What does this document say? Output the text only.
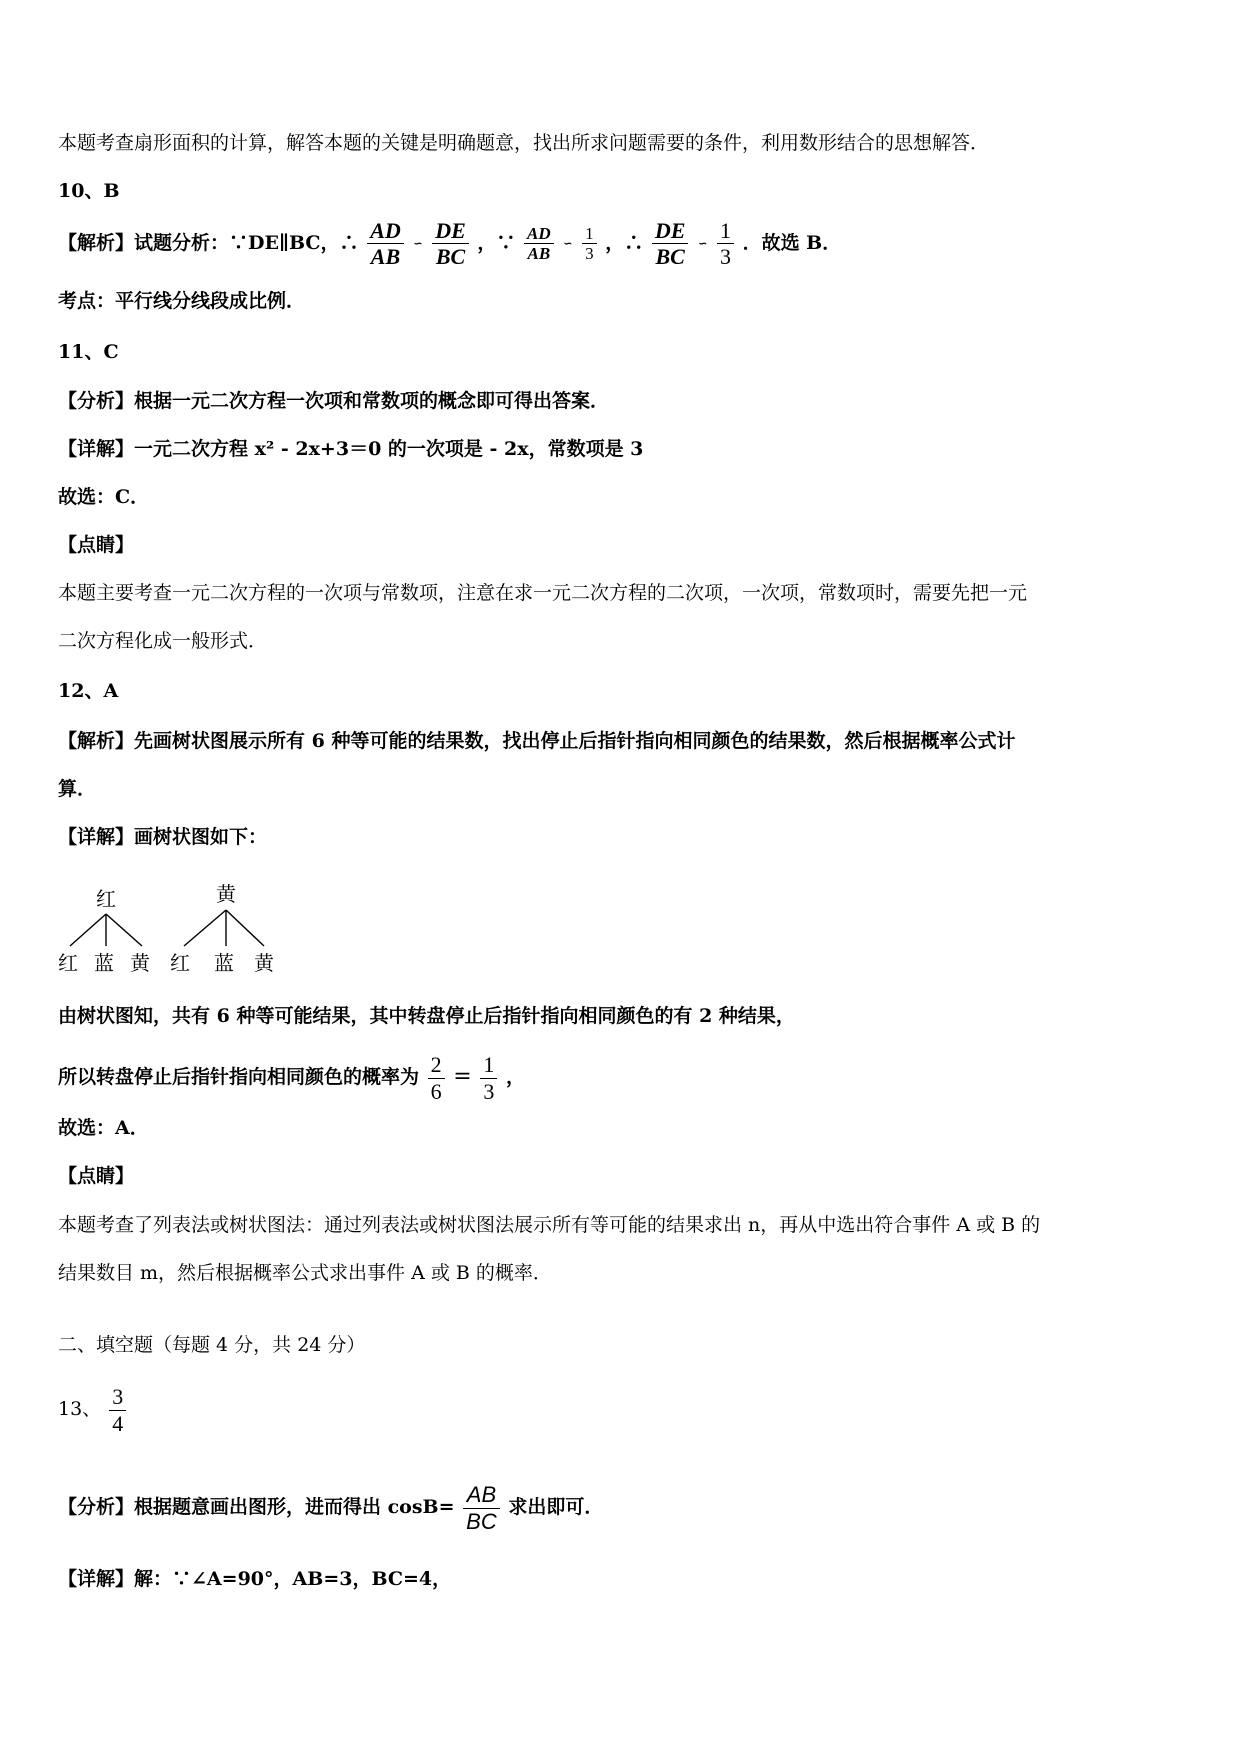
本题考查扇形面积的计算，解答本题的关键是明确题意，找出所求问题需要的条件，利用数形结合的思想解答．
10、B
【解析】试题分析：∵DE∥BC，∴ $\frac{AD}{AB}$ ∽ $\frac{DE}{BC}$ ，∵ $\frac{AD}{AB}$ ∽ $\frac{1}{3}$ ，∴ $\frac{DE}{BC}$ ∽ $\frac{1}{3}$ ．故选 B．
考点：平行线分线段成比例．
11、C
【分析】根据一元二次方程一次项和常数项的概念即可得出答案．
【详解】一元二次方程 x² - 2x+3＝0 的一次项是 - 2x，常数项是 3
故选：C．
【点睛】
本题主要考查一元二次方程的一次项与常数项，注意在求一元二次方程的二次项，一次项，常数项时，需要先把一元
二次方程化成一般形式．
12、A
【解析】先画树状图展示所有 6 种等可能的结果数，找出停止后指针指向相同颜色的结果数，然后根据概率公式计
算．
【详解】画树状图如下：
红	黄
红 蓝 黄 红 蓝 黄
由树状图知，共有 6 种等可能结果，其中转盘停止后指针指向相同颜色的有 2 种结果，
所以转盘停止后指针指向相同颜色的概率为 $\frac{2}{6} = \frac{1}{3}$ ，
故选：A．
【点睛】
本题考查了列表法或树状图法：通过列表法或树状图法展示所有等可能的结果求出 n，再从中选出符合事件 A 或 B 的
结果数目 m，然后根据概率公式求出事件 A 或 B 的概率．
二、填空题（每题 4 分，共 24 分）
13、 $\frac{3}{4}$
【分析】根据题意画出图形，进而得出 $\cos B= \frac{AB}{BC}$ 求出即可．
【详解】解：∵∠A=90°，AB=3，BC=4，
